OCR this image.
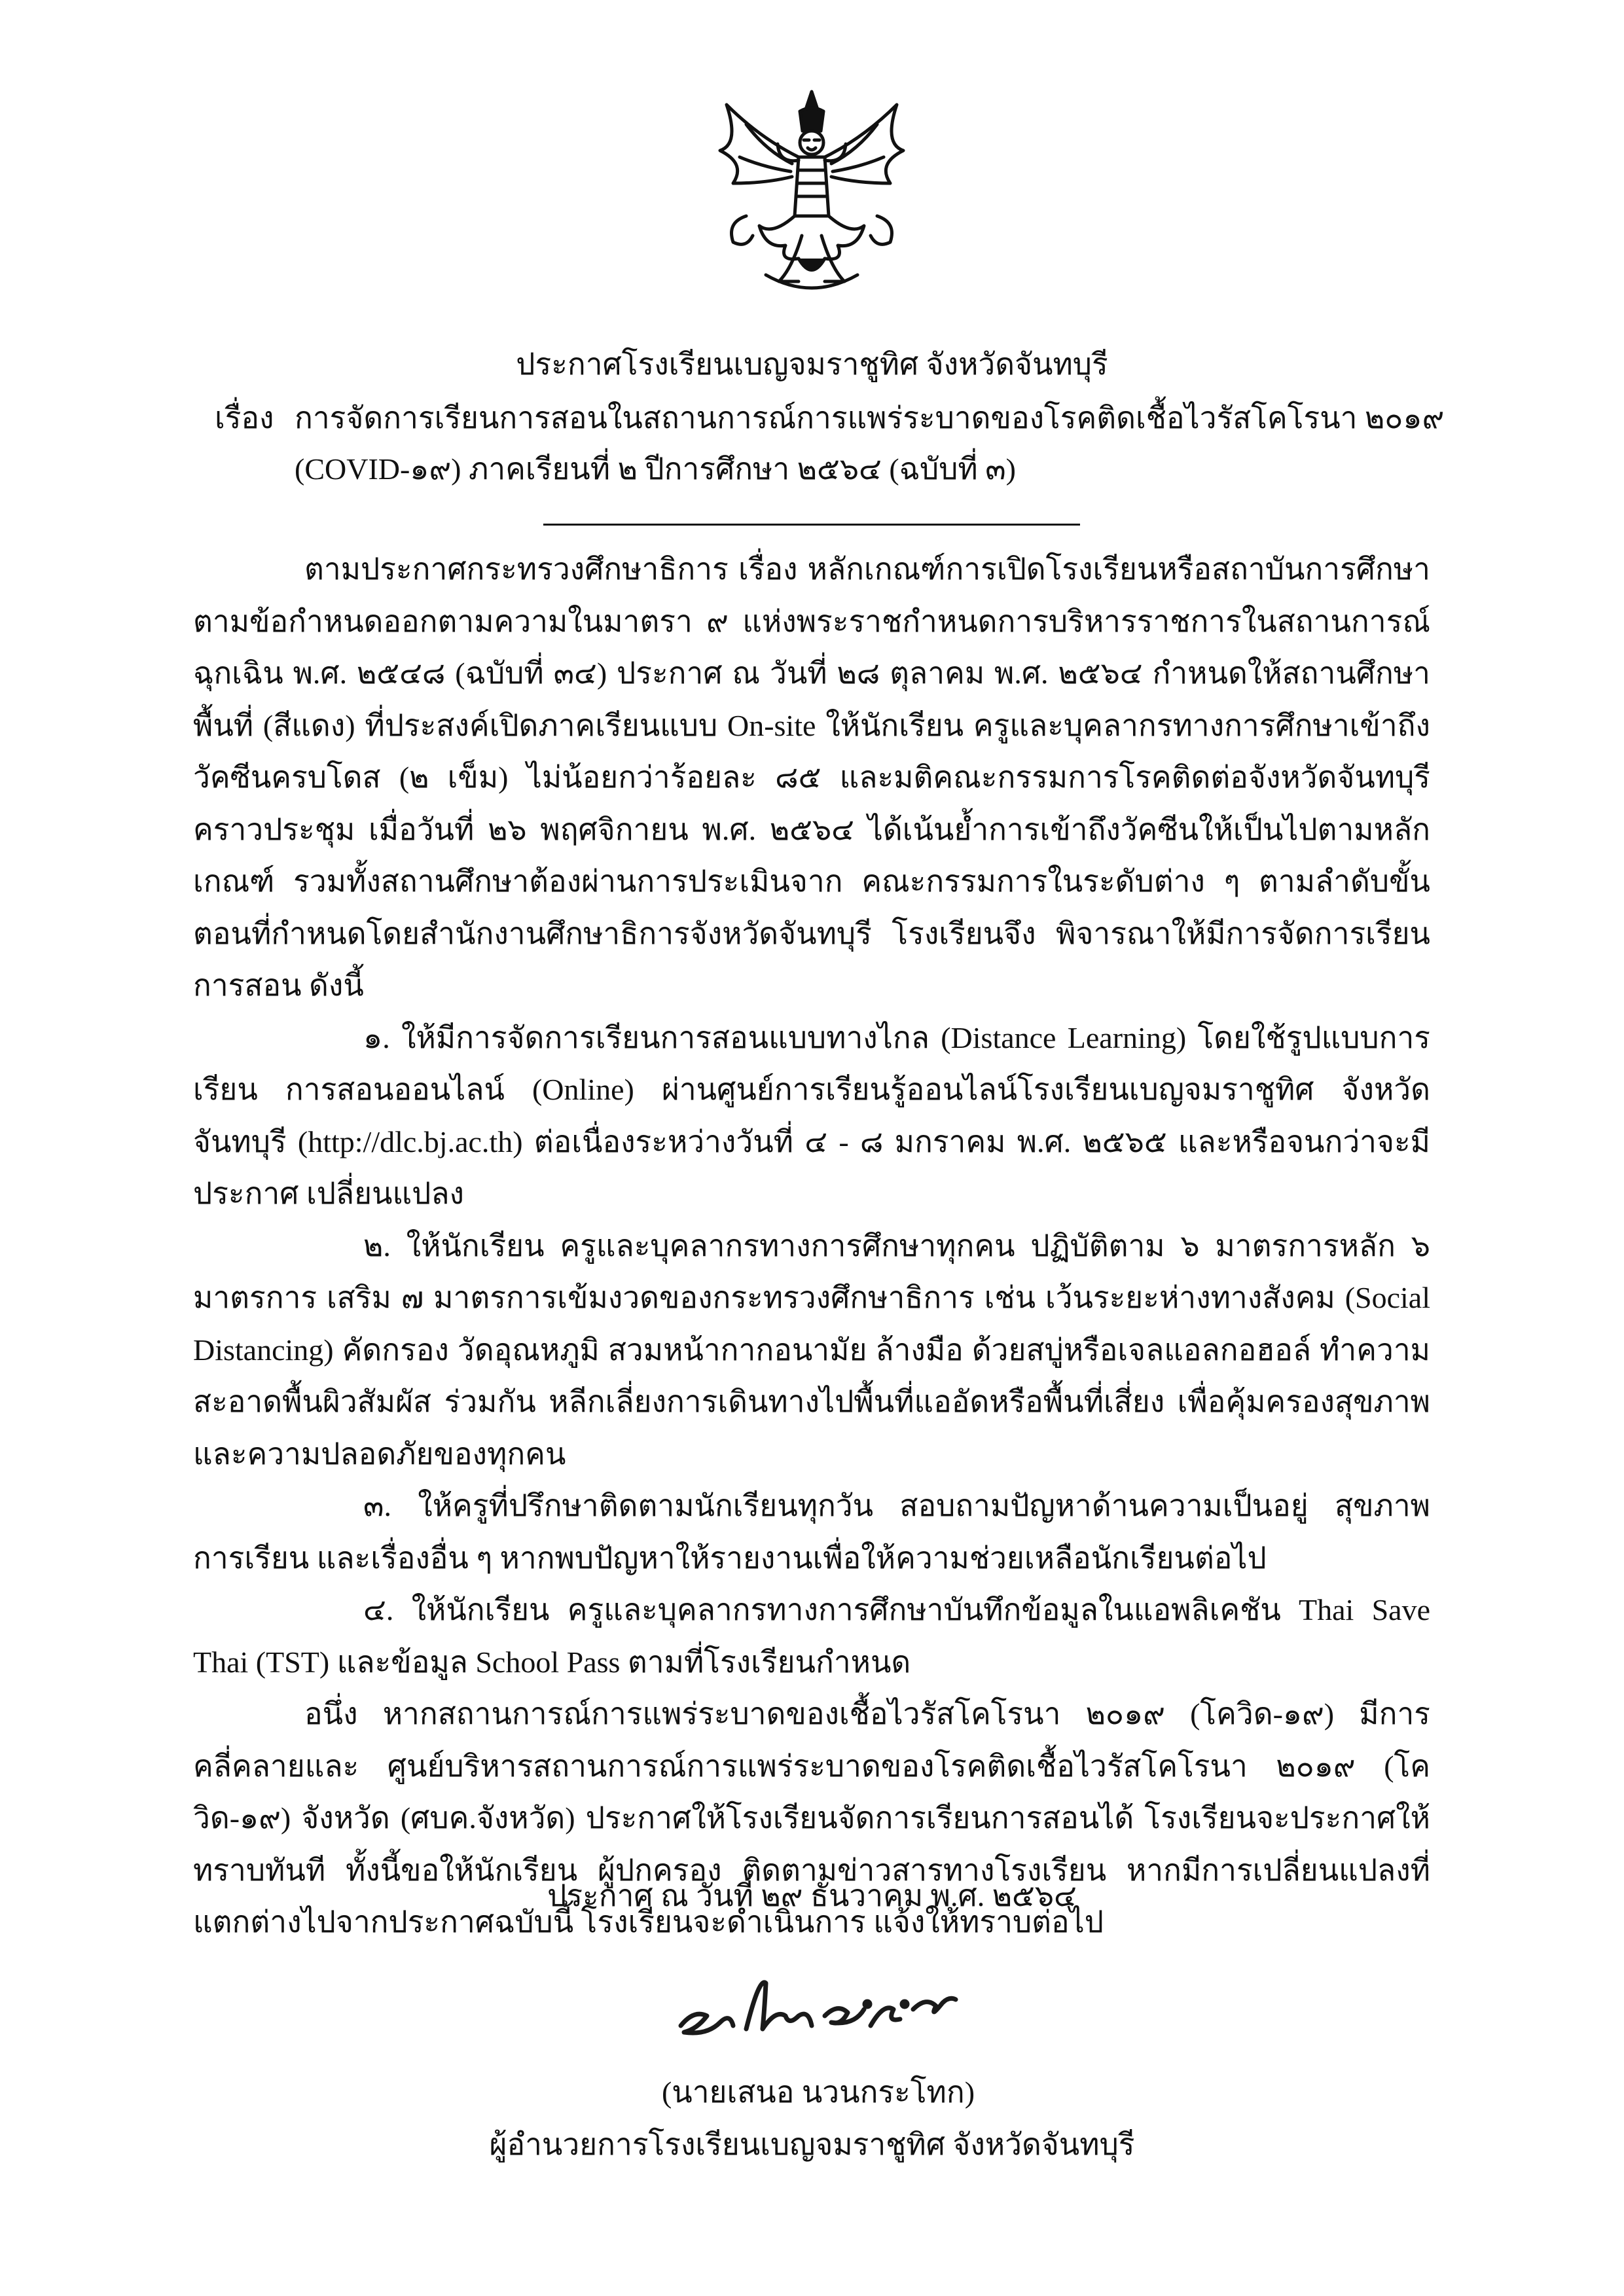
ประกาศโรงเรียนเบญจมราชูทิศ จังหวัดจันทบุรี
เรื่อง การจัดการเรียนการสอนในสถานการณ์การแพร่ระบาดของโรคติดเชื้อไวรัสโคโรนา ๒๐๑๙ (COVID-๑๙) ภาคเรียนที่ ๒ ปีการศึกษา ๒๕๖๔ (ฉบับที่ ๓)

ตามประกาศกระทรวงศึกษาธิการ เรื่อง หลักเกณฑ์การเปิดโรงเรียนหรือสถาบันการศึกษา ตามข้อกำหนดออกตามความในมาตรา ๙ แห่งพระราชกำหนดการบริหารราชการในสถานการณ์ฉุกเฉิน พ.ศ. ๒๕๔๘ (ฉบับที่ ๓๔) ประกาศ ณ วันที่ ๒๘ ตุลาคม พ.ศ. ๒๕๖๔ กำหนดให้สถานศึกษาพื้นที่ (สีแดง) ที่ประสงค์เปิดภาคเรียนแบบ On-site ให้นักเรียน ครูและบุคลากรทางการศึกษาเข้าถึงวัคซีนครบโดส (๒ เข็ม) ไม่น้อยกว่าร้อยละ ๘๕ และมติคณะกรรมการโรคติดต่อจังหวัดจันทบุรี คราวประชุม เมื่อวันที่ ๒๖ พฤศจิกายน พ.ศ. ๒๕๖๔ ได้เน้นย้ำการเข้าถึงวัคซีนให้เป็นไปตามหลักเกณฑ์ รวมทั้งสถานศึกษาต้องผ่านการประเมินจาก คณะกรรมการในระดับต่าง ๆ ตามลำดับขั้นตอนที่กำหนดโดยสำนักงานศึกษาธิการจังหวัดจันทบุรี โรงเรียนจึง พิจารณาให้มีการจัดการเรียนการสอน ดังนี้

๑. ให้มีการจัดการเรียนการสอนแบบทางไกล (Distance Learning) โดยใช้รูปแบบการเรียน การสอนออนไลน์ (Online) ผ่านศูนย์การเรียนรู้ออนไลน์โรงเรียนเบญจมราชูทิศ จังหวัดจันทบุรี (http://dlc.bj.ac.th) ต่อเนื่องระหว่างวันที่ ๔ - ๘ มกราคม พ.ศ. ๒๕๖๕ และหรือจนกว่าจะมีประกาศ เปลี่ยนแปลง

๒. ให้นักเรียน ครูและบุคลากรทางการศึกษาทุกคน ปฏิบัติตาม ๖ มาตรการหลัก ๖ มาตรการ เสริม ๗ มาตรการเข้มงวดของกระทรวงศึกษาธิการ เช่น เว้นระยะห่างทางสังคม (Social Distancing) คัดกรอง วัดอุณหภูมิ สวมหน้ากากอนามัย ล้างมือ ด้วยสบู่หรือเจลแอลกอฮอล์ ทำความสะอาดพื้นผิวสัมผัส ร่วมกัน หลีกเลี่ยงการเดินทางไปพื้นที่แออัดหรือพื้นที่เสี่ยง เพื่อคุ้มครองสุขภาพและความปลอดภัยของทุกคน

๓. ให้ครูที่ปรึกษาติดตามนักเรียนทุกวัน สอบถามปัญหาด้านความเป็นอยู่ สุขภาพ การเรียน และเรื่องอื่น ๆ หากพบปัญหาให้รายงานเพื่อให้ความช่วยเหลือนักเรียนต่อไป

๔. ให้นักเรียน ครูและบุคลากรทางการศึกษาบันทึกข้อมูลในแอพลิเคชัน Thai Save Thai (TST) และข้อมูล School Pass ตามที่โรงเรียนกำหนด

อนึ่ง หากสถานการณ์การแพร่ระบาดของเชื้อไวรัสโคโรนา ๒๐๑๙ (โควิด-๑๙) มีการคลี่คลายและ ศูนย์บริหารสถานการณ์การแพร่ระบาดของโรคติดเชื้อไวรัสโคโรนา ๒๐๑๙ (โควิด-๑๙) จังหวัด (ศบค.จังหวัด) ประกาศให้โรงเรียนจัดการเรียนการสอนได้ โรงเรียนจะประกาศให้ทราบทันที ทั้งนี้ขอให้นักเรียน ผู้ปกครอง ติดตามข่าวสารทางโรงเรียน หากมีการเปลี่ยนแปลงที่แตกต่างไปจากประกาศฉบับนี้ โรงเรียนจะดำเนินการ แจ้งให้ทราบต่อไป

ประกาศ ณ วันที่ ๒๙ ธันวาคม พ.ศ. ๒๕๖๔
(นายเสนอ นวนกระโทก)
ผู้อำนวยการโรงเรียนเบญจมราชูทิศ จังหวัดจันทบุรี
